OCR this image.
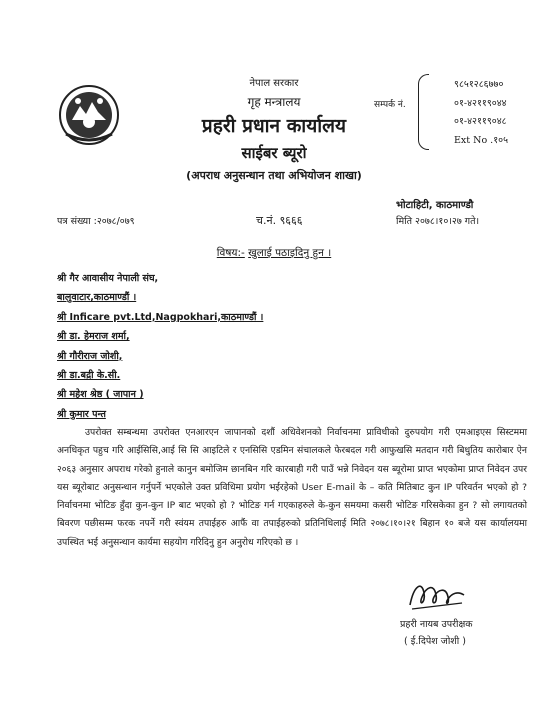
नेपाल सरकार
गृह मन्त्रालय
प्रहरी प्रधान कार्यालय
साईबर ब्यूरो
(अपराध अनुसन्धान तथा अभियोजन शाखा)
सम्पर्क नं.
९८५१२८६७७०
०१-४२११९०४४
०१-४२११९०४८
Ext No .१०५
भोटाहिटी, काठमाण्डौ
मिति २०७८।१०।२७ गते।
पत्र संख्या :२०७८/०७९	च.नं. ९६६६
विषय:- खुलाई पठाइदिनु हुन ।
श्री गैर आवासीय नेपाली संघ,
बालुवाटार,काठमाण्डौं ।
श्री Inficare pvt.Ltd,Nagpokhari,काठमाण्डौं ।
श्री डा. हेमराज शर्मा,
श्री गौरीराज जोशी,
श्री डा.बद्री के.सी.
श्री महेश श्रेष्ठ ( जापान )
श्री कुमार पन्त
उपरोक्त सम्बन्धमा उपरोक्त एनआरएन जापानको दशौं अधिवेशनको निर्वाचनमा प्राविधीको दुरुपयोग गरी एमआइएस सिस्टममा अनधिकृत पहुच गरि आईसिसि,आई सि सि आइटिले र एनसिसि एडमिन संचालकले फेरबदल गरी आफुखसि मतदान गरी बिधुतिय कारोबार ऐन २०६३ अनुसार अपराध गरेको हुनाले कानुन बमोजिम छानबिन गरि कारबाही गरी पाउँ भन्ने निवेदन यस ब्यूरोमा प्राप्त भएकोमा प्राप्त निवेदन उपर यस ब्यूरोबाट अनुसन्धान गर्नुपर्ने भएकोले उक्त प्रविधिमा प्रयोग भईरहेको User E-mail के – कति मितिबाट कुन IP परिवर्तन भएको हो ? निर्वाचनमा भोटिङ हुँदा कुन-कुन IP बाट भएको हो ? भोटिङ गर्न गएकाहरुले के-कुन समयमा कसरी भोटिङ गरिसकेका हुन ? सो लगायतको बिवरण पछीसम्म फरक नपर्ने गरी स्वंयम तपाईहरु आफैं वा तपाईहरुको प्रतिनिधिलाई मिति २०७८।१०।२१ बिहान १० बजे यस कार्यालयमा उपस्थित भई अनुसन्धान कार्यमा सहयोग गरिदिनु हुन अनुरोध गरिएको छ ।
प्रहरी नायब उपरीक्षक
( ई.दिपेश जोशी )
